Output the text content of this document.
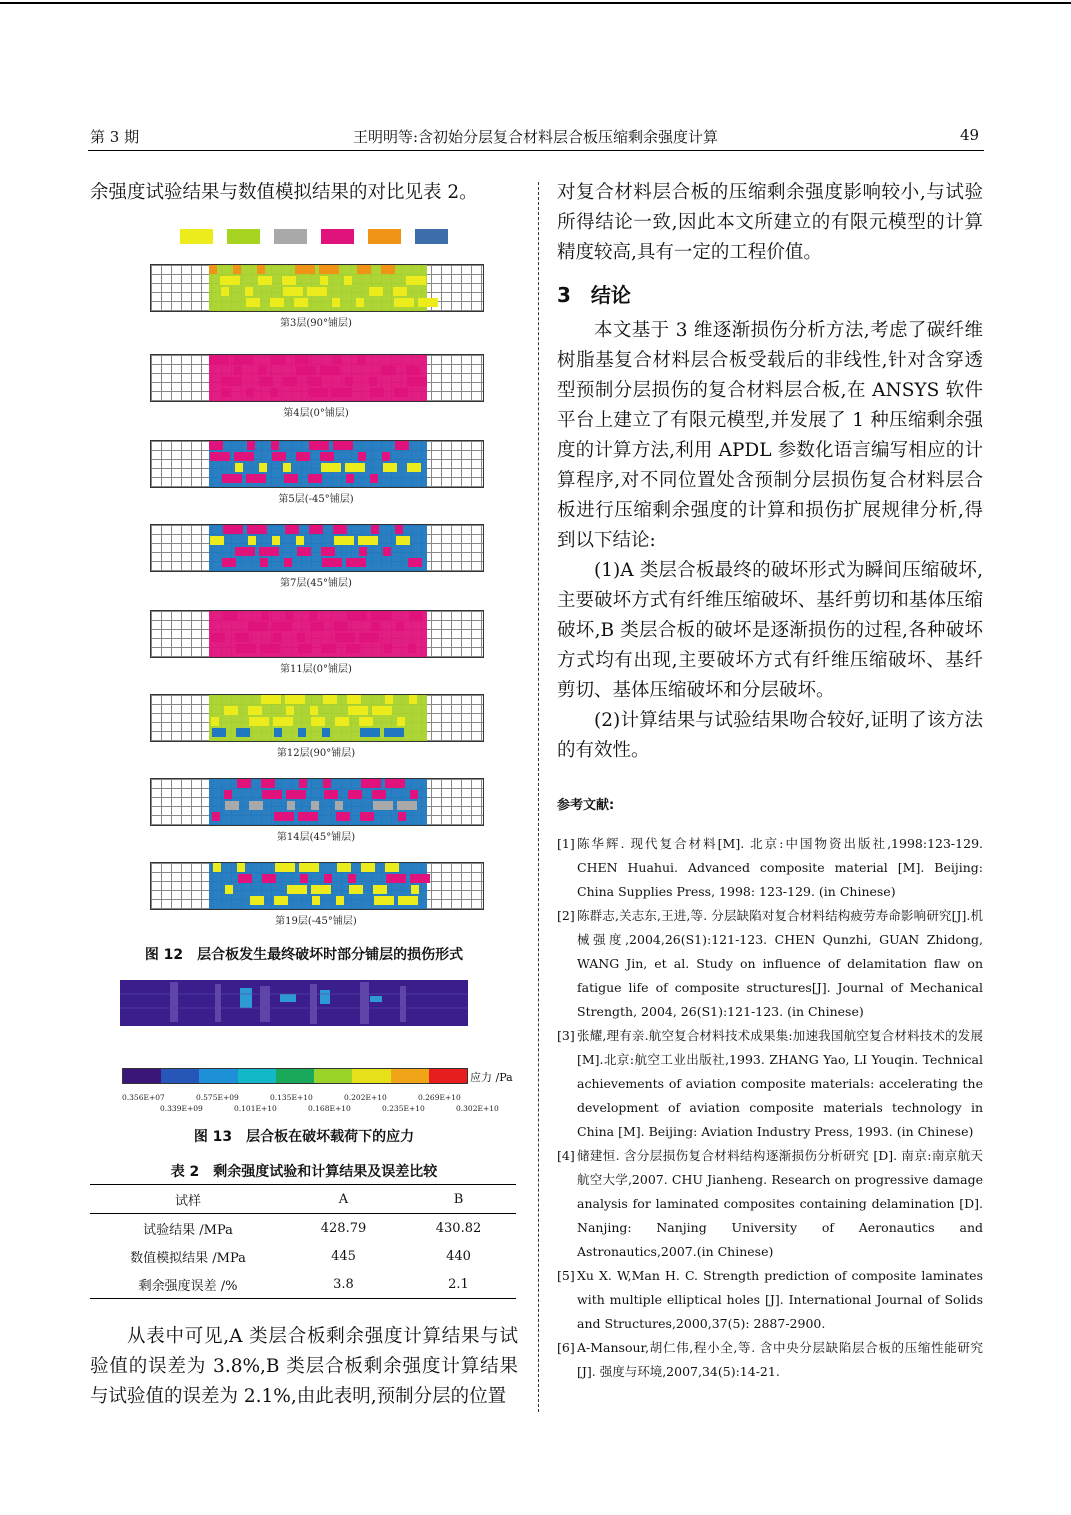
第 3 期	王明明等:含初始分层复合材料层合板压缩剩余强度计算	49
余强度试验结果与数值模拟结果的对比见表 2。
第3层(90°铺层)
第4层(0°铺层)
第5层(-45°铺层)
第7层(45°铺层)
第11层(0°铺层)
第12层(90°铺层)
第14层(45°铺层)
第19层(-45°铺层)
图 12　层合板发生最终破坏时部分铺层的损伤形式
应力 /Pa
0.356E+07	0.575E+09	0.135E+10	0.202E+10	0.269E+10
0.339E+09	0.101E+10	0.168E+10	0.235E+10	0.302E+10
图 13　层合板在破坏载荷下的应力
表 2　剩余强度试验和计算结果及误差比较
试样	A	B
试验结果 /MPa	428.79	430.82
数值模拟结果 /MPa	445	440
剩余强度误差 /%	3.8	2.1

从表中可见,A 类层合板剩余强度计算结果与试验值的误差为 3.8%,B 类层合板剩余强度计算结果与试验值的误差为 2.1%,由此表明,预制分层的位置

对复合材料层合板的压缩剩余强度影响较小,与试验所得结论一致,因此本文所建立的有限元模型的计算精度较高,具有一定的工程价值。

3　结论

本文基于 3 维逐渐损伤分析方法,考虑了碳纤维树脂基复合材料层合板受载后的非线性,针对含穿透型预制分层损伤的复合材料层合板,在 ANSYS 软件平台上建立了有限元模型,并发展了 1 种压缩剩余强度的计算方法,利用 APDL 参数化语言编写相应的计算程序,对不同位置处含预制分层损伤复合材料层合板进行压缩剩余强度的计算和损伤扩展规律分析,得到以下结论:

(1)A 类层合板最终的破坏形式为瞬间压缩破坏,主要破坏方式有纤维压缩破坏、基纤剪切和基体压缩破坏,B 类层合板的破坏是逐渐损伤的过程,各种破坏方式均有出现,主要破坏方式有纤维压缩破坏、基纤剪切、基体压缩破坏和分层破坏。

(2)计算结果与试验结果吻合较好,证明了该方法的有效性。

参考文献:
[1] 陈华辉. 现代复合材料[M]. 北京:中国物资出版社,1998:123-129. CHEN Huahui. Advanced composite material [M]. Beijing: China Supplies Press, 1998: 123-129. (in Chinese)
[2] 陈群志,关志东,王进,等. 分层缺陷对复合材料结构疲劳寿命影响研究[J].机械强度,2004,26(S1):121-123. CHEN Qunzhi, GUAN Zhidong, WANG Jin, et al. Study on influence of delamitation flaw on fatigue life of composite structures[J]. Journal of Mechanical Strength, 2004, 26(S1):121-123. (in Chinese)
[3] 张耀,理有亲.航空复合材料技术成果集:加速我国航空复合材料技术的发展[M].北京:航空工业出版社,1993. ZHANG Yao, LI Youqin. Technical achievements of aviation composite materials: accelerating the development of aviation composite materials technology in China [M]. Beijing: Aviation Industry Press, 1993. (in Chinese)
[4] 储建恒. 含分层损伤复合材料结构逐渐损伤分析研究 [D]. 南京:南京航天航空大学,2007. CHU Jianheng. Research on progressive damage analysis for laminated composites containing delamination [D]. Nanjing: Nanjing University of Aeronautics and Astronautics,2007.(in Chinese)
[5] Xu X. W,Man H. C. Strength prediction of composite laminates with multiple elliptical holes [J]. International Journal of Solids and Structures,2000,37(5): 2887-2900.
[6] A-Mansour,胡仁伟,程小全,等. 含中央分层缺陷层合板的压缩性能研究[J]. 强度与环境,2007,34(5):14-21.
